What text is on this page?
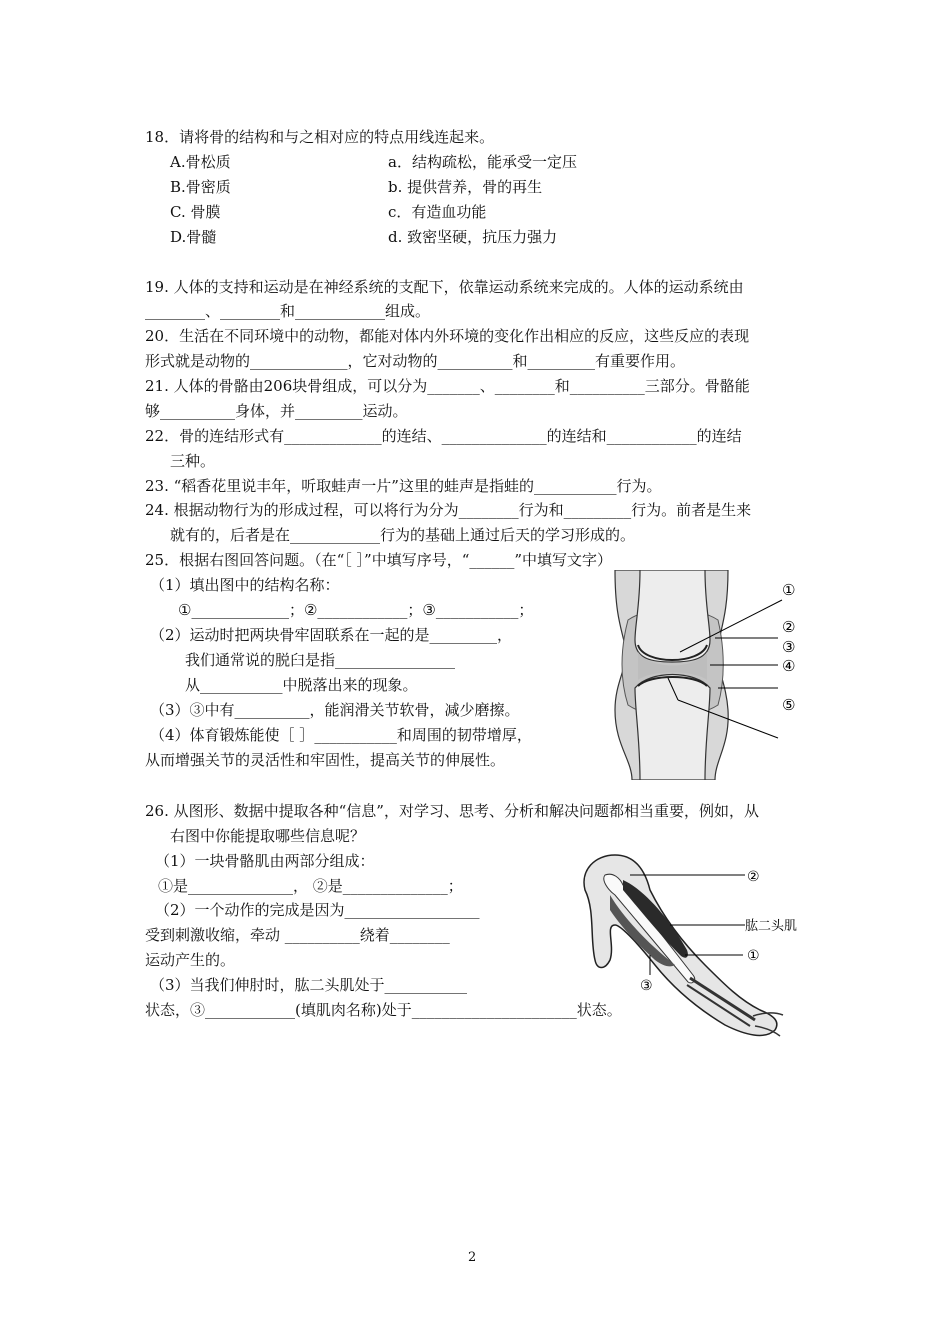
18．请将骨的结构和与之相对应的特点用线连起来。
A.骨松质
B.骨密质
C. 骨膜
D.骨髓
a．结构疏松，能承受一定压
b. 提供营养，骨的再生
c．有造血功能
d. 致密坚硬，抗压力强力
19. 人体的支持和运动是在神经系统的支配下，依靠运动系统来完成的。人体的运动系统由
________、________和____________组成。
20．生活在不同环境中的动物，都能对体内外环境的变化作出相应的反应，这些反应的表现
形式就是动物的_____________，它对动物的__________和_________有重要作用。
21. 人体的骨骼由206块骨组成，可以分为_______、________和__________三部分。骨骼能
够__________身体，并_________运动。
22．骨的连结形式有_____________的连结、______________的连结和____________的连结
三种。
23. “稻香花里说丰年，听取蛙声一片”这里的蛙声是指蛙的___________行为。
24. 根据动物行为的形成过程，可以将行为分为________行为和_________行为。前者是生来
就有的，后者是在____________行为的基础上通过后天的学习形成的。
25．根据右图回答问题。（在“［ ］”中填写序号，“______”中填写文字）
（1）填出图中的结构名称：
①_____________；②____________；③___________；
（2）运动时把两块骨牢固联系在一起的是_________，
我们通常说的脱臼是指________________
从___________中脱落出来的现象。
（3）③中有__________，能润滑关节软骨，减少磨擦。
（4）体育锻炼能使［ ］___________和周围的韧带增厚，
从而增强关节的灵活性和牢固性，提高关节的伸展性。
①
②
③
④
⑤
26. 从图形、数据中提取各种“信息”，对学习、思考、分析和解决问题都相当重要，例如，从
右图中你能提取哪些信息呢？
（1）一块骨骼肌由两部分组成：
①是______________， ②是______________；
（2）一个动作的完成是因为__________________
受到刺激收缩，牵动 __________绕着________
运动产生的。
（3）当我们伸肘时，肱二头肌处于___________
状态，③____________(填肌肉名称)处于______________________状态。
②
肱二头肌
①
③
2
